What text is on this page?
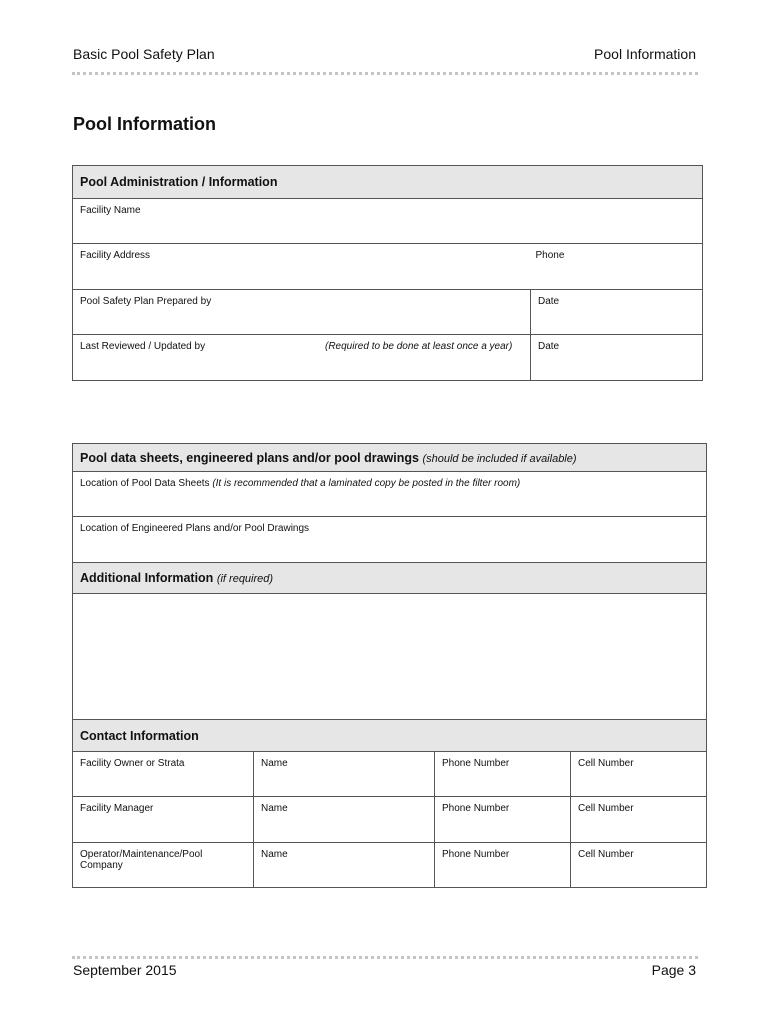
Basic Pool Safety Plan	Pool Information
Pool Information
Pool Administration / Information	
Facility Name	
Facility Address	Phone
Pool Safety Plan Prepared by	Date
Last Reviewed / Updated by (Required to be done at least once a year)	Date
Pool data sheets, engineered plans and/or pool drawings (should be included if available)			
Location of Pool Data Sheets (It is recommended that a laminated copy be posted in the filter room)			
Location of Engineered Plans and/or Pool Drawings			
Additional Information (if required)			

Contact Information			
Facility Owner or Strata	Name	Phone Number	Cell Number
Facility Manager	Name	Phone Number	Cell Number
Operator/Maintenance/Pool Company	Name	Phone Number	Cell Number
September 2015	Page 3
